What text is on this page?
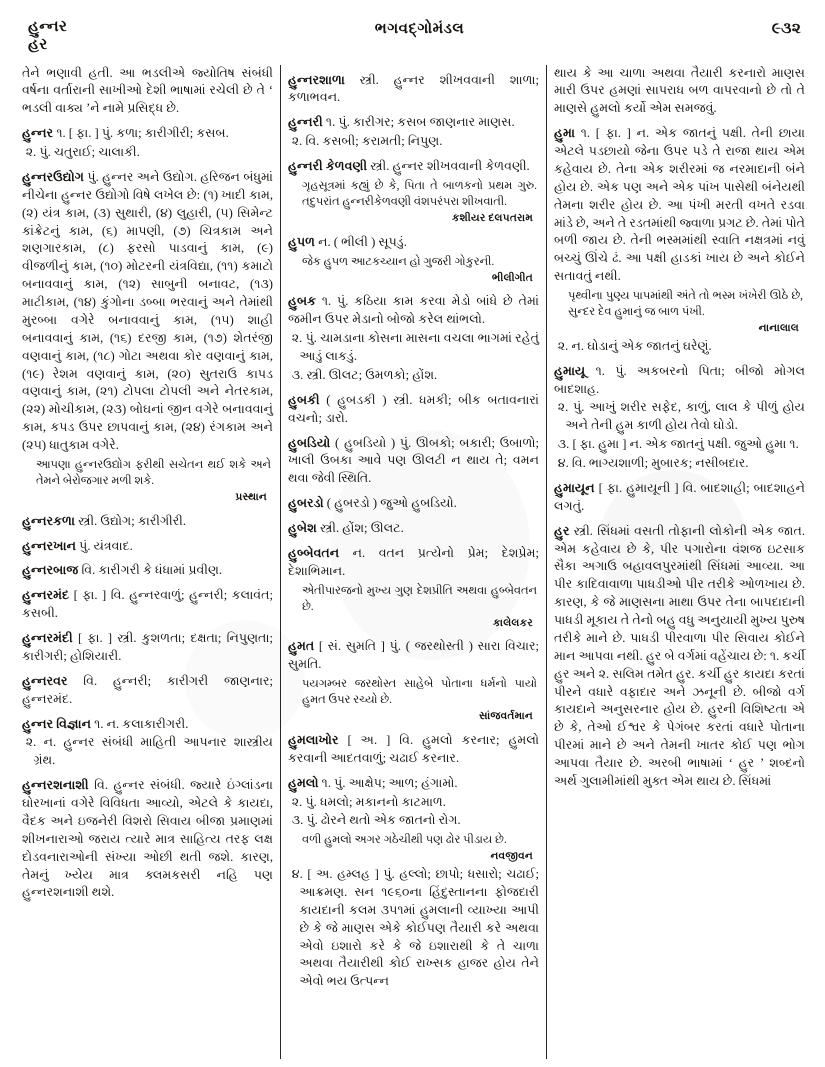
હુન્નર
હર
ભગવદ્ગોમંડલ	૯૩૨

તેને ભણાવી હતી. આ ભડલીએ જ્યોતિષ સંબંધી વર્ષના વર્તારાની સાખીઓ દેશી ભાષામાં રચેલી છે તે ‘ ભડલી વાક્ય ’ને નામે પ્રસિદ્ધ છે.

હુન્નર ૧. [ ફા. ] પું. કળા; કારીગીરી; કસબ.

૨. પું. ચતુરાઈ; ચાલાકી.

હુન્નરઉદ્યોગ પું. હુન્નર અને ઉદ્યોગ. હરિજન બંધુમાં નીચેના હુન્નર ઉદ્યોગો વિષે લખેલ છે: (૧) ખાદી કામ, (૨) યંત્ર કામ, (૩) સુથારી, (૪) લુહારી, (૫) સિમેન્ટ કાંક્રેટનું કામ, (૬) માપણી, (૭) ચિત્રકામ અને શણગારકામ, (૮) ફરસો પાડવાનું કામ, (૯) વીજળીનું કામ, (૧૦) મોટરની યંત્રવિદ્યા, (૧૧) કમાટો બનાવવાનું કામ, (૧૨) સાબુની બનાવટ, (૧૩) માટીકામ, (૧૪) કુંગોના ડબ્બા ભરવાનું અને તેમાંથી મુરબ્બા વગેરે બનાવવાનું કામ, (૧૫) શાહી બનાવવાનું કામ, (૧૬) દરજી કામ, (૧૭) શેતરંજી વણવાનું કામ, (૧૮) ગોટા અથવા કોર વણવાનું કામ, (૧૯) રેશમ વણવાનું કામ, (૨૦) સુતરાઉ કાપડ વણવાનું કામ, (૨૧) ટોપલા ટોપલી અને નેતરકામ, (૨૨) મોચીકામ, (૨૩) બોઘનાં જીન વગેરે બનાવવાનું કામ, કપડ ઉપર છાપવાનું કામ, (૨૪) રંગકામ અને (૨૫) ધાતુકામ વગેરે.

આપણા હુન્નરઉદ્યોગ ફરીથી સચેતન થઈ શકે અને તેમને બેરોજગાર મળી શકે.
પ્રસ્થાન

હુન્નરકળા સ્ત્રી. ઉદ્યોગ; કારીગીરી.

હુન્નરખાન પું. યંત્રવાદ.

હુન્નરબાજ વિ. કારીગરી કે ધંધામાં પ્રવીણ.

હુન્નરમંદ [ ફા. ] વિ. હુન્નરવાળું; હુન્નરી; કલાવંત; કસબી.

હુન્નરમંદી [ ફા. ] સ્ત્રી. કુશળતા; દક્ષતા; નિપુણતા; કારીગરી; હોશિયારી.

હુન્નરવર વિ. હુન્નરી; કારીગરી જાણનાર; હુન્નરમંદ.

હુન્નર વિજ્ઞાન ૧. ન. કલાકારીગરી.

૨. ન. હુન્નર સંબંધી માહિતી આપનાર શાસ્ત્રીય ગ્રંથ.

હુન્નરશનાશી વિ. હુન્નર સંબંધી. જ્યારે ઇંગ્લાંડના ઘોરખાનાં વગેરે વિવિધતા આવ્યો, એટલે કે કાયદા, વૈદક અને ઇજનેરી વિશરો સિવાય બીજા પ્રમાણમાં શીખનારાઓ જરાય ત્યારે માત્ર સાહિત્ય તરફ લક્ષ દોડવનારાઓની સંખ્યા ઓછી થતી જશે. કારણ, તેમનું ખ્યેય માત્ર ક્લમકસરી નહિ પણ હુન્નરશનાશી થશે.

હુન્નરશાળા સ્ત્રી. હુન્નર શીખવવાની શાળા; કળાભવન.

હુન્નરી ૧. પું. કારીગર; કસબ જાણનાર માણસ.

૨. વિ. કસબી; કરામતી; નિપુણ.

હુન્નરી કેળવણી સ્ત્રી. હુન્નર શીખવવાની કેળવણી.

ગૃહસૂત્રમાં કહ્યું છે કે, પિતા તે બાળકનો પ્રથમ ગુરુ. તદુપરાંત હુન્નરીકેળવણી વંશપરંપરા શીખવાતી.
કશીયર દલપતરામ

હુપળ ન. ( ભીલી ) સૂપડું.

જેક હુપળ આટકચ્યાન હો ગુજરી ગોકુરની.
ભીલીગીત

હુબક ૧. પું. કઠિયા કામ કરવા મેડો બાંધે છે તેમાં જમીન ઉપર મેડાનો બોજો કરેલ થાંભલો.

૨. પું. ચામડાના કોસના માસના વચલા ભાગમાં રહેતું આડું લાકડું.

૩. સ્ત્રી. ઊલટ; ઉમળકો; હોંશ.

હુબકી ( હુબડકી ) સ્ત્રી. ધમકી; બીક બતાવનારાં વચનો; ડારો.

હુબડિયો ( હુબડિયો ) પું. ઊબકો; બકારી; ઉબાળો; ખાલી ઉબકા આવે પણ ઊલટી ન થાય તે; વમન થવા જેવી સ્થિતિ.

હુબરડો ( હુબરડો ) જુઓ હુબડિયો.

હુબેશ સ્ત્રી. હોંશ; ઊલટ.

હુબ્બેવતન ન. વતન પ્રત્યેનો પ્રેમ; દેશપ્રેમ; દેશાભિમાન.

એતીપારજનો મુખ્ય ગુણ દેશપ્રીતિ અથવા હુબ્બેવતન છે.
કાલેલકર

હુમત [ સં. સુમતિ ] પું. ( જરથોસ્તી ) સારા વિચાર; સુમતિ.

પયગમ્બર જરથોસ્ત સાહેબે પોતાના ધર્મનો પાયો હુમત ઉપર રચ્યો છે.
સાંજવર્તમાન

હુમલાખોર [ અ. ] વિ. હુમલો કરનાર; હુમલો કરવાની આદતવાળું; ચઢાઈ કરનાર.

હુમલો ૧. પું. આક્ષેપ; આળ; હંગામો.

૨. પું. ધમલો; મકાનનો કાટમાળ.

૩. પું. ઢોરને થતો એક જાતનો રોગ.

વળી હુમલો અગર ગઠેચીથી પણ ઢોર પીડાય છે.
નવજીવન

૪. [ અ. હમ્લહ ] પું. હલ્લો; છાપો; ધસારો; ચઢાઈ; આક્રમણ. સન ૧૯૬૦ના હિંદુસ્તાનના ફોજદારી કાયદાની કલમ ૩૫૧માં હુમલાની વ્યાખ્યા આપી છે કે જે માણસ એકે કોઈપણ તૈયારી કરે અથવા એવો ઇશારો કરે કે જે ઇશારાથી કે તે ચાળા અથવા તૈયારીથી કોઈ રાખ્સક હાજર હોય તેને એવો ભય ઉત્પન્ન

થાય કે આ ચાળા અથવા તૈયારી કરનારો માણસ મારી ઉપર હમણાં સાપરાધ બળ વાપરવાનો છે તો તે માણસે હુમલો કર્યો એમ સમજવું.

હુમા ૧. [ ફા. ] ન. એક જાતનું પક્ષી. તેની છાયા એટલે પડછાયો જેના ઉપર પડે તે રાજા થાય એમ કહેવાય છે. તેના એક શરીરમાં જ નરમાદાની બંને હોય છે. એક પણ અને એક પાંખ પાસેથી બંનેયથી તેમના શરીર હોય છે. આ પંખી મરતી વખતે રડવા માંડે છે, અને તે રડતમાંથી જ્વાળા પ્રગટ છે. તેમાં પોતે બળી જાય છે. તેની ભસ્મમાંથી સ્વાતિ નક્ષત્રમાં નવું બચ્ચું ઊંચે ઢં. આ પક્ષી હાડકાં ખાય છે અને કોઈને સતાવતું નથી.

પૃથ્વીના પુણ્ય પાપમાંથી અંતે તો ભસ્મ ખંખેરી ઊઠે છે, સુન્દર દેવ હુમાનું જ બાળ પંખી.
નાનાલાલ

૨. ન. ઘોડાનું એક જાતનું ઘરેણું.

હુમાયૂ ૧. પું. અકબરનો પિતા; બીજો મોગલ બાદશાહ.

૨. પું. આખું શરીર સફેદ, કાળું, લાલ કે પીળું હોય અને તેની હુમ કાળી હોય તેવો ઘોડો.

૩. [ ફા. હુમા ] ન. એક જાતનું પક્ષી. જુઓ હુમા ૧.

૪. વિ. ભાગ્યશાળી; મુબારક; નસીબદાર.

હુમાયૂન [ ફા. હુમાયૂની ] વિ. બાદશાહી; બાદશાહને લગતું.

હુર સ્ત્રી. સિંધમાં વસતી તોફાની લોકોની એક જાત. એમ કહેવાય છે કે, પીર પગારોના વંશજ ઇટસાક સૈકા અગાઉ બહાવલપુરમાંથી સિંધમાં આવ્યા. આ પીર કાદિવાવાળા પાધડીઓ પીર તરીકે ઓળખાય છે. કારણ, કે જે માણસના માથા ઉપર તેના બાપદાદાની પાધડી મૂકાય તે તેનો બહુ વધુ અનુયાયી મુખ્ય પુરુષ તરીકે માને છે. પાધડી પીરવાળા પીર સિવાય કોઈને માન આપવા નથી. હુર બે વર્ગમાં વહેંચાય છે: ૧. કર્ચી હુર અને ૨. સલિમ તમેત હુર. કર્ચી હુર કાયદા કરતાં પીરને વધારે વફાદાર અને ઝનૂની છે. બીજો વર્ગ કાયદાને અનુસરનાર હોય છે. હુરની વિશિષ્ટતા એ છે કે, તેઓ ઈશ્વર કે પેગંબર કરતાં વધારે પોતાના પીરમાં માને છે અને તેમની ખાતર કોઈ પણ ભોગ આપવા તૈયાર છે. અરબી ભાષામાં ‘ હુર ’ શબ્દનો અર્થ ગુલામીમાંથી મુક્ત એમ થાય છે. સિંધમાં
